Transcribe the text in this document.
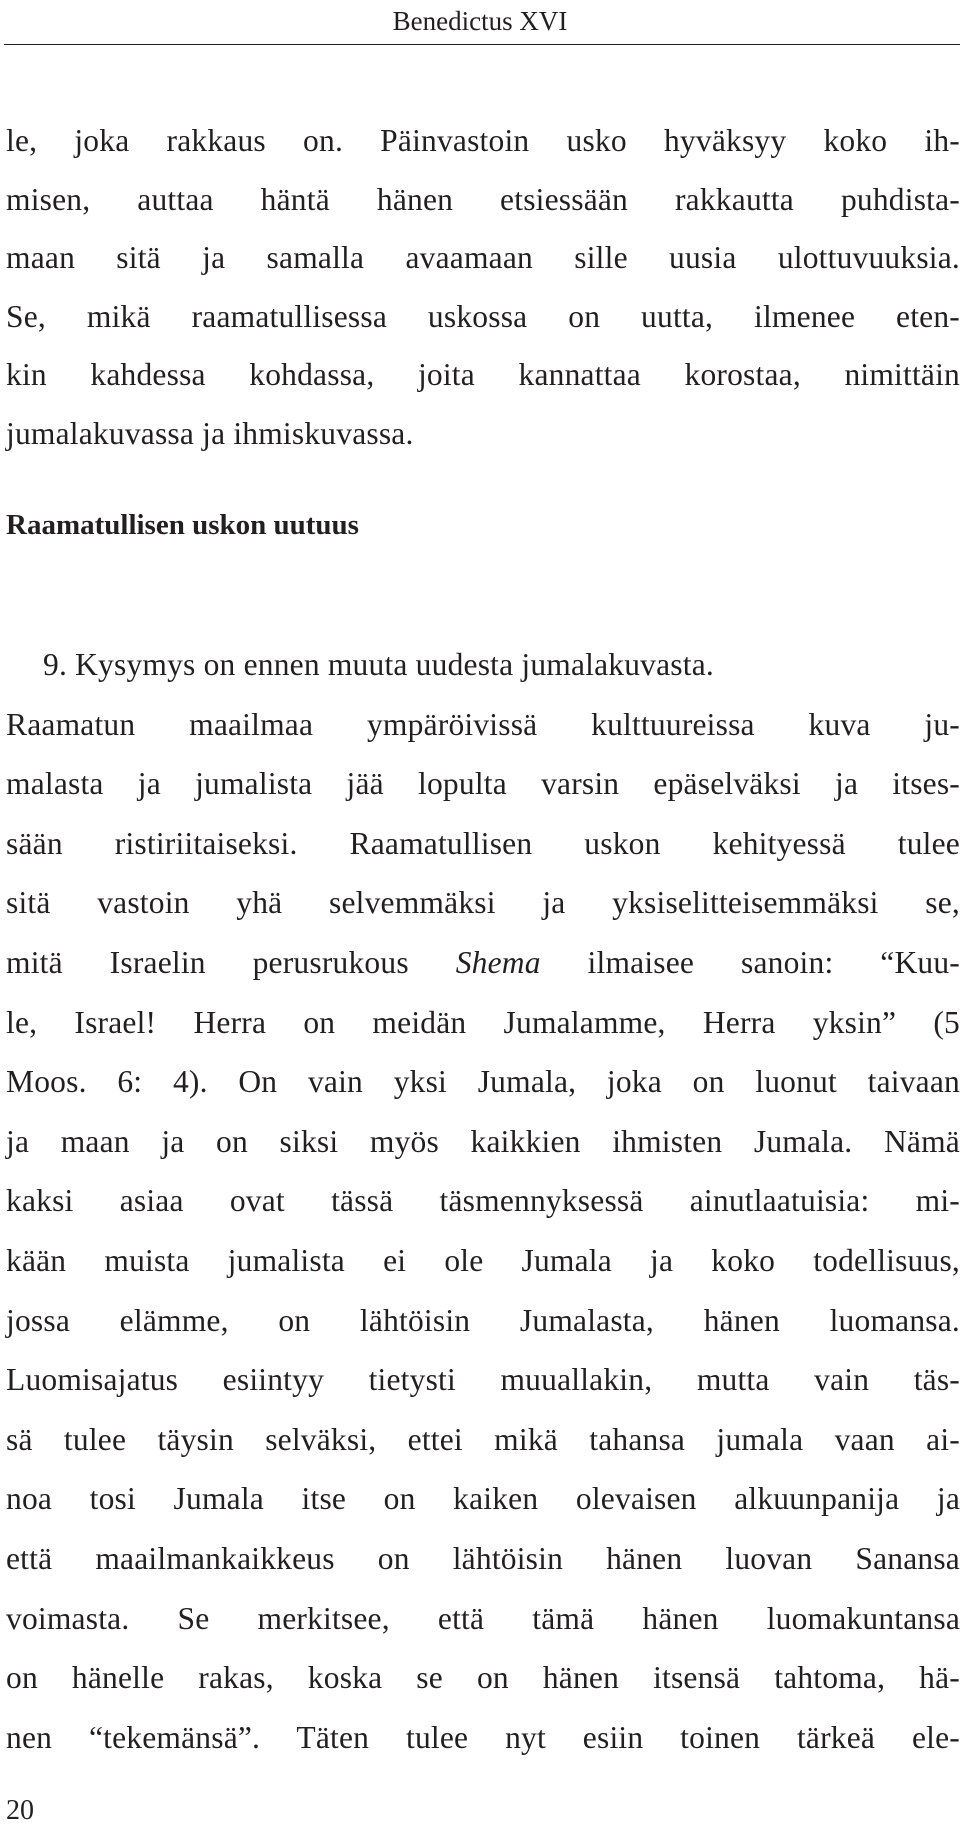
Benedictus XVI
le, joka rakkaus on. Päinvastoin usko hyväksyy koko ih-
misen, auttaa häntä hänen etsiessään rakkautta puhdista-
maan sitä ja samalla avaamaan sille uusia ulottuvuuksia.
Se, mikä raamatullisessa uskossa on uutta, ilmenee eten-
kin kahdessa kohdassa, joita kannattaa korostaa, nimittäin
jumalakuvassa ja ihmiskuvassa.
Raamatullisen uskon uutuus
9. Kysymys on ennen muuta uudesta jumalakuvasta.
Raamatun maailmaa ympäröivissä kulttuureissa kuva ju-
malasta ja jumalista jää lopulta varsin epäselväksi ja itses-
sään ristiriitaiseksi. Raamatullisen uskon kehityessä tulee
sitä vastoin yhä selvemmäksi ja yksiselitteisemmäksi se,
mitä Israelin perusrukous Shema ilmaisee sanoin: “Kuu-
le, Israel! Herra on meidän Jumalamme, Herra yksin” (5
Moos. 6: 4). On vain yksi Jumala, joka on luonut taivaan
ja maan ja on siksi myös kaikkien ihmisten Jumala. Nämä
kaksi asiaa ovat tässä täsmennyksessä ainutlaatuisia: mi-
kään muista jumalista ei ole Jumala ja koko todellisuus,
jossa elämme, on lähtöisin Jumalasta, hänen luomansa.
Luomisajatus esiintyy tietysti muuallakin, mutta vain täs-
sä tulee täysin selväksi, ettei mikä tahansa jumala vaan ai-
noa tosi Jumala itse on kaiken olevaisen alkuunpanija ja
että maailmankaikkeus on lähtöisin hänen luovan Sanansa
voimasta. Se merkitsee, että tämä hänen luomakuntansa
on hänelle rakas, koska se on hänen itsensä tahtoma, hä-
nen “tekemänsä”. Täten tulee nyt esiin toinen tärkeä ele-
20
